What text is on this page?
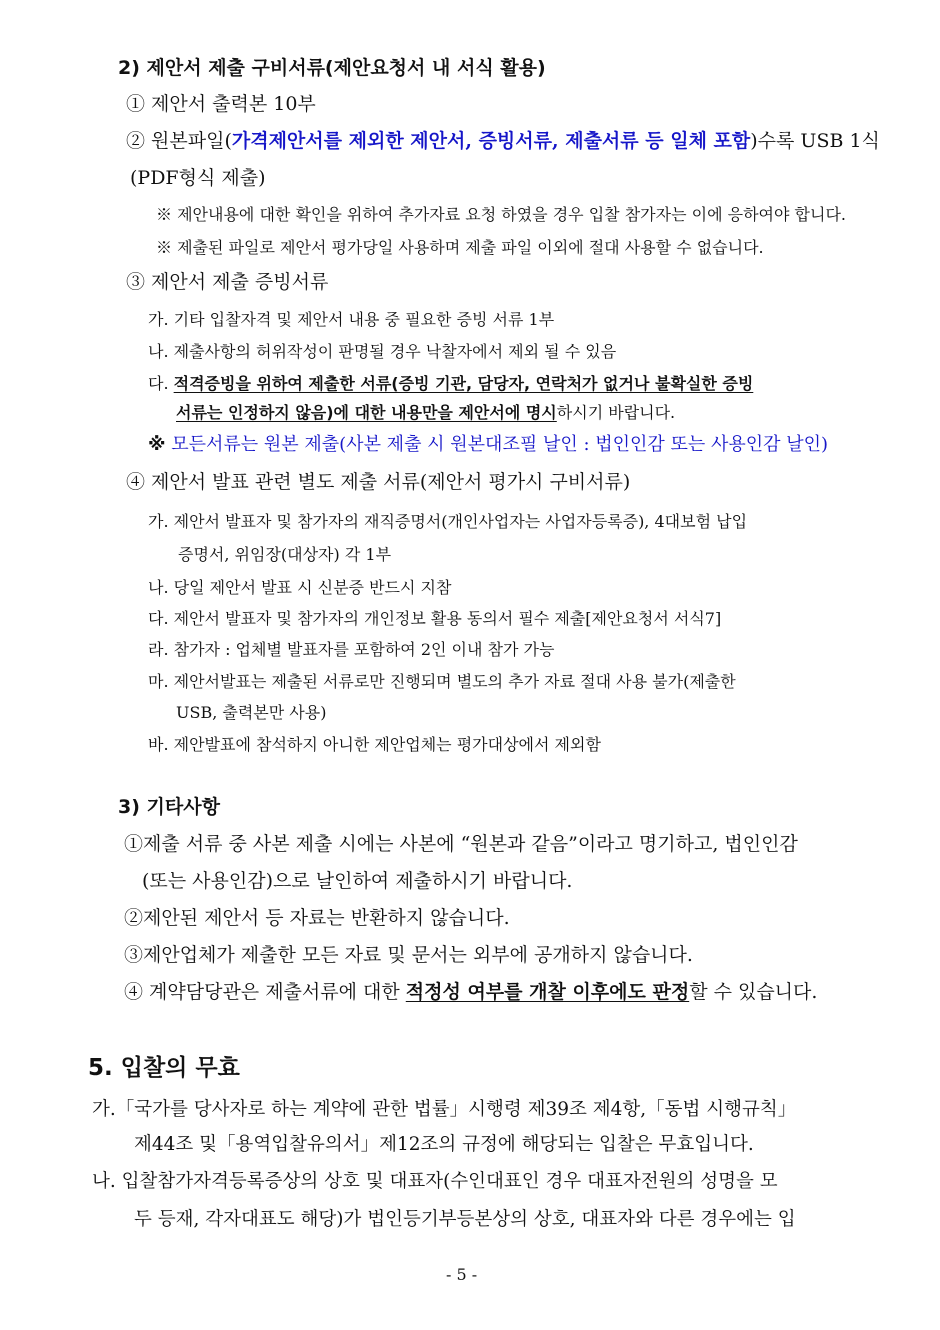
2) 제안서 제출 구비서류(제안요청서 내 서식 활용)
① 제안서 출력본 10부
② 원본파일(가격제안서를 제외한 제안서, 증빙서류, 제출서류 등 일체 포함)수록 USB 1식
(PDF형식 제출)
※ 제안내용에 대한 확인을 위하여 추가자료 요청 하였을 경우 입찰 참가자는 이에 응하여야 합니다.
※ 제출된 파일로 제안서 평가당일 사용하며 제출 파일 이외에 절대 사용할 수 없습니다.
③ 제안서 제출 증빙서류
가. 기타 입찰자격 및 제안서 내용 중 필요한 증빙 서류 1부
나. 제출사항의 허위작성이 판명될 경우 낙찰자에서 제외 될 수 있음
다. 적격증빙을 위하여 제출한 서류(증빙 기관, 담당자, 연락처가 없거나 불확실한 증빙
서류는 인정하지 않음)에 대한 내용만을 제안서에 명시하시기 바랍니다.
※ 모든서류는 원본 제출(사본 제출 시 원본대조필 날인 : 법인인감 또는 사용인감 날인)
④ 제안서 발표 관련 별도 제출 서류(제안서 평가시 구비서류)
가. 제안서 발표자 및 참가자의 재직증명서(개인사업자는 사업자등록증), 4대보험 납입
증명서, 위임장(대상자) 각 1부
나. 당일 제안서 발표 시 신분증 반드시 지참
다. 제안서 발표자 및 참가자의 개인정보 활용 동의서 필수 제출[제안요청서 서식7]
라. 참가자 : 업체별 발표자를 포함하여 2인 이내 참가 가능
마. 제안서발표는 제출된 서류로만 진행되며 별도의 추가 자료 절대 사용 불가(제출한
USB, 출력본만 사용)
바. 제안발표에 참석하지 아니한 제안업체는 평가대상에서 제외함
3) 기타사항
①제출 서류 중 사본 제출 시에는 사본에 “원본과 같음”이라고 명기하고, 법인인감
(또는 사용인감)으로 날인하여 제출하시기 바랍니다.
②제안된 제안서 등 자료는 반환하지 않습니다.
③제안업체가 제출한 모든 자료 및 문서는 외부에 공개하지 않습니다.
④ 계약담당관은 제출서류에 대한 적정성 여부를 개찰 이후에도 판정할 수 있습니다.
5. 입찰의 무효
가.「국가를 당사자로 하는 계약에 관한 법률」시행령 제39조 제4항,「동법 시행규칙」
제44조 및「용역입찰유의서」제12조의 규정에 해당되는 입찰은 무효입니다.
나. 입찰참가자격등록증상의 상호 및 대표자(수인대표인 경우 대표자전원의 성명을 모
두 등재, 각자대표도 해당)가 법인등기부등본상의 상호, 대표자와 다른 경우에는 입
- 5 -
